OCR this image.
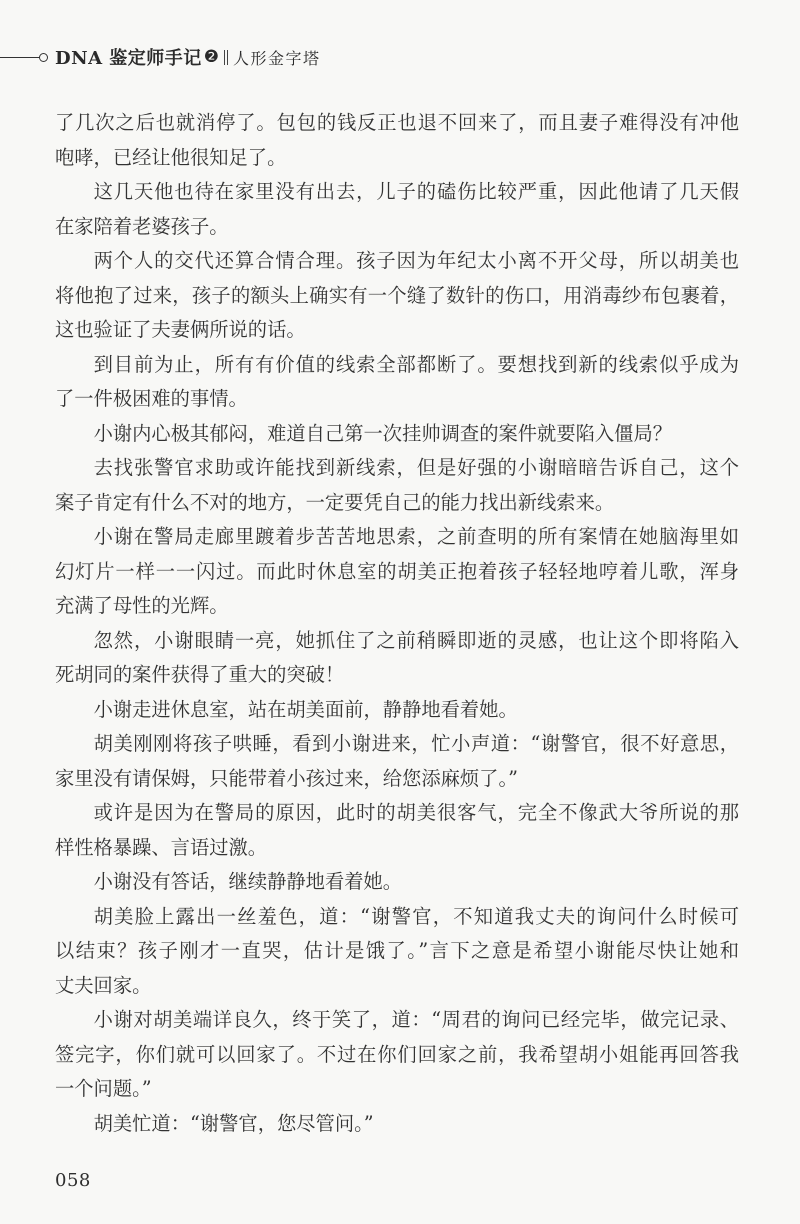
DNA 鉴定师手记 ❷ 人形金字塔
了几次之后也就消停了。包包的钱反正也退不回来了，而且妻子难得没有冲他
咆哮，已经让他很知足了。
这几天他也待在家里没有出去，儿子的磕伤比较严重，因此他请了几天假
在家陪着老婆孩子。
两个人的交代还算合情合理。孩子因为年纪太小离不开父母，所以胡美也
将他抱了过来，孩子的额头上确实有一个缝了数针的伤口，用消毒纱布包裹着，
这也验证了夫妻俩所说的话。
到目前为止，所有有价值的线索全部都断了。要想找到新的线索似乎成为
了一件极困难的事情。
小谢内心极其郁闷，难道自己第一次挂帅调查的案件就要陷入僵局？
去找张警官求助或许能找到新线索，但是好强的小谢暗暗告诉自己，这个
案子肯定有什么不对的地方，一定要凭自己的能力找出新线索来。
小谢在警局走廊里踱着步苦苦地思索，之前查明的所有案情在她脑海里如
幻灯片一样一一闪过。而此时休息室的胡美正抱着孩子轻轻地哼着儿歌，浑身
充满了母性的光辉。
忽然，小谢眼睛一亮，她抓住了之前稍瞬即逝的灵感，也让这个即将陷入
死胡同的案件获得了重大的突破！
小谢走进休息室，站在胡美面前，静静地看着她。
胡美刚刚将孩子哄睡，看到小谢进来，忙小声道：“谢警官，很不好意思，
家里没有请保姆，只能带着小孩过来，给您添麻烦了。”
或许是因为在警局的原因，此时的胡美很客气，完全不像武大爷所说的那
样性格暴躁、言语过激。
小谢没有答话，继续静静地看着她。
胡美脸上露出一丝羞色，道：“谢警官，不知道我丈夫的询问什么时候可
以结束？孩子刚才一直哭，估计是饿了。”言下之意是希望小谢能尽快让她和
丈夫回家。
小谢对胡美端详良久，终于笑了，道：“周君的询问已经完毕，做完记录、
签完字，你们就可以回家了。不过在你们回家之前，我希望胡小姐能再回答我
一个问题。”
胡美忙道：“谢警官，您尽管问。”
058
